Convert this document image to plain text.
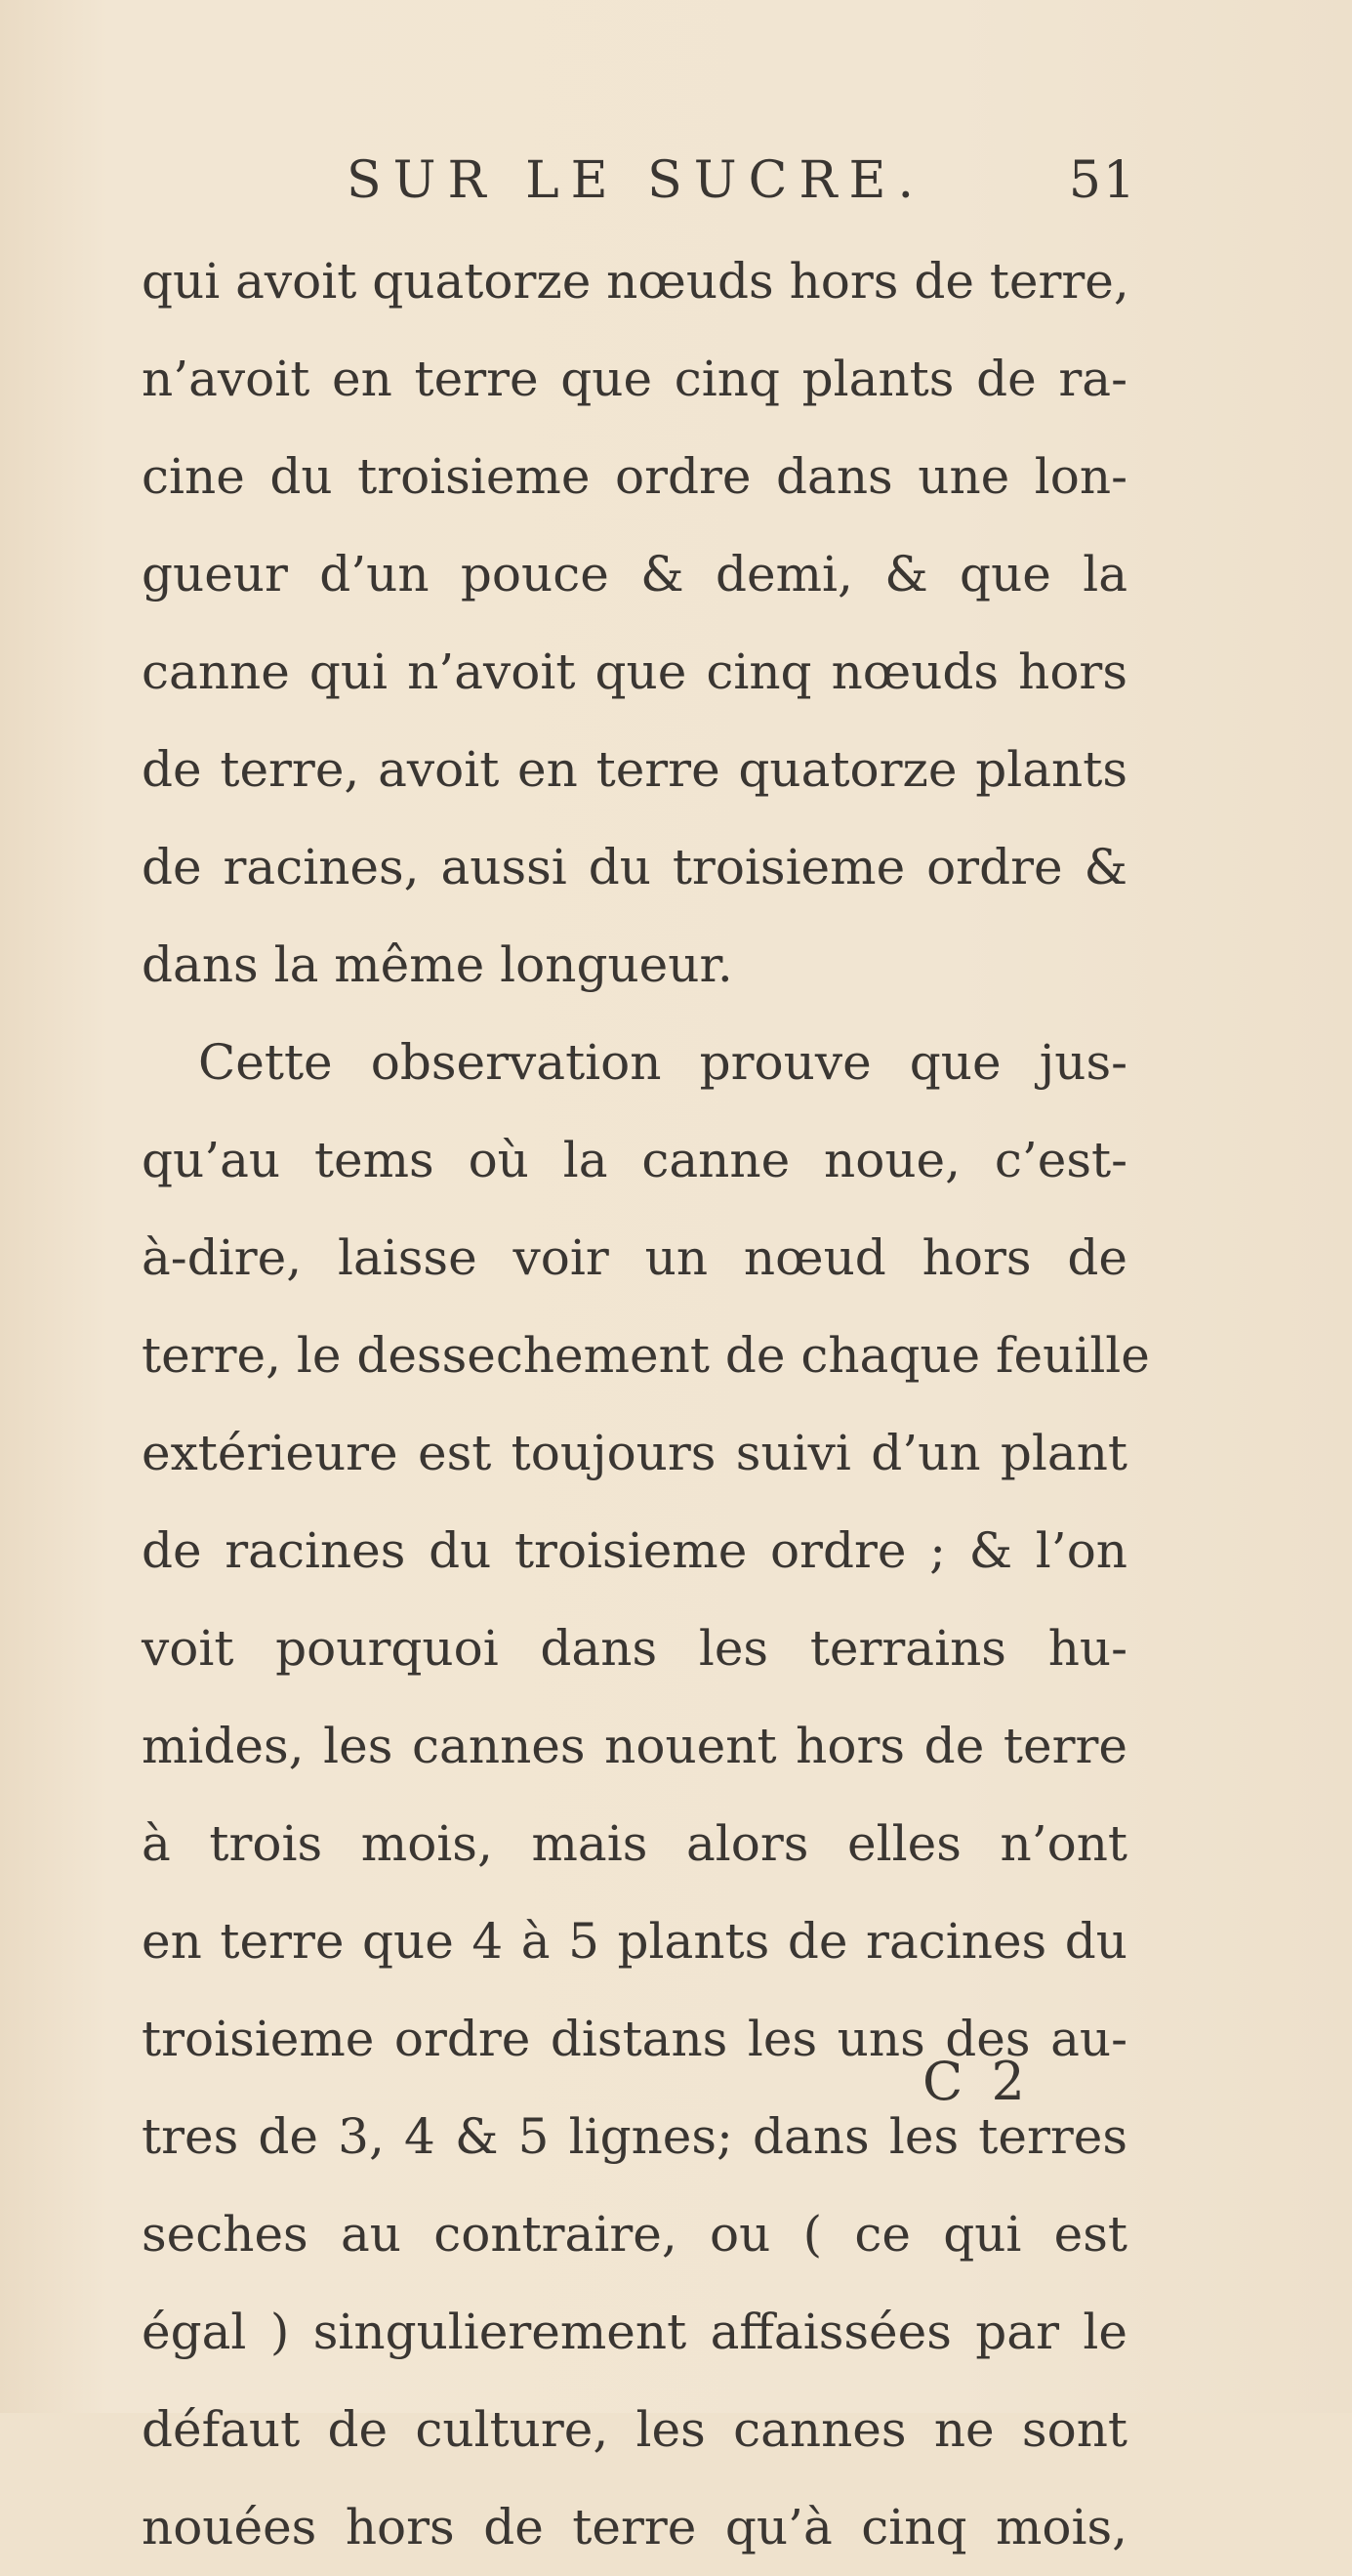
SUR LE SUCRE.	51
qui avoit quatorze nœuds hors de terre,
n’avoit en terre que cinq plants de ra-
cine du troisieme ordre dans une lon-
gueur d’un pouce & demi, & que la
canne qui n’avoit que cinq nœuds hors
de terre, avoit en terre quatorze plants
de racines, aussi du troisieme ordre &
dans la même longueur.
Cette observation prouve que jus-
qu’au tems où la canne noue, c’est-
à-dire, laisse voir un nœud hors de
terre, le dessechement de chaque feuille
extérieure est toujours suivi d’un plant
de racines du troisieme ordre ; & l’on
voit pourquoi dans les terrains hu-
mides, les cannes nouent hors de terre
à trois mois, mais alors elles n’ont
en terre que 4 à 5 plants de racines du
troisieme ordre distans les uns des au-
tres de 3, 4 & 5 lignes; dans les terres
seches au contraire, ou ( ce qui est
égal ) singulierement affaissées par le
défaut de culture, les cannes ne sont
nouées hors de terre qu’à cinq mois,
C 2
